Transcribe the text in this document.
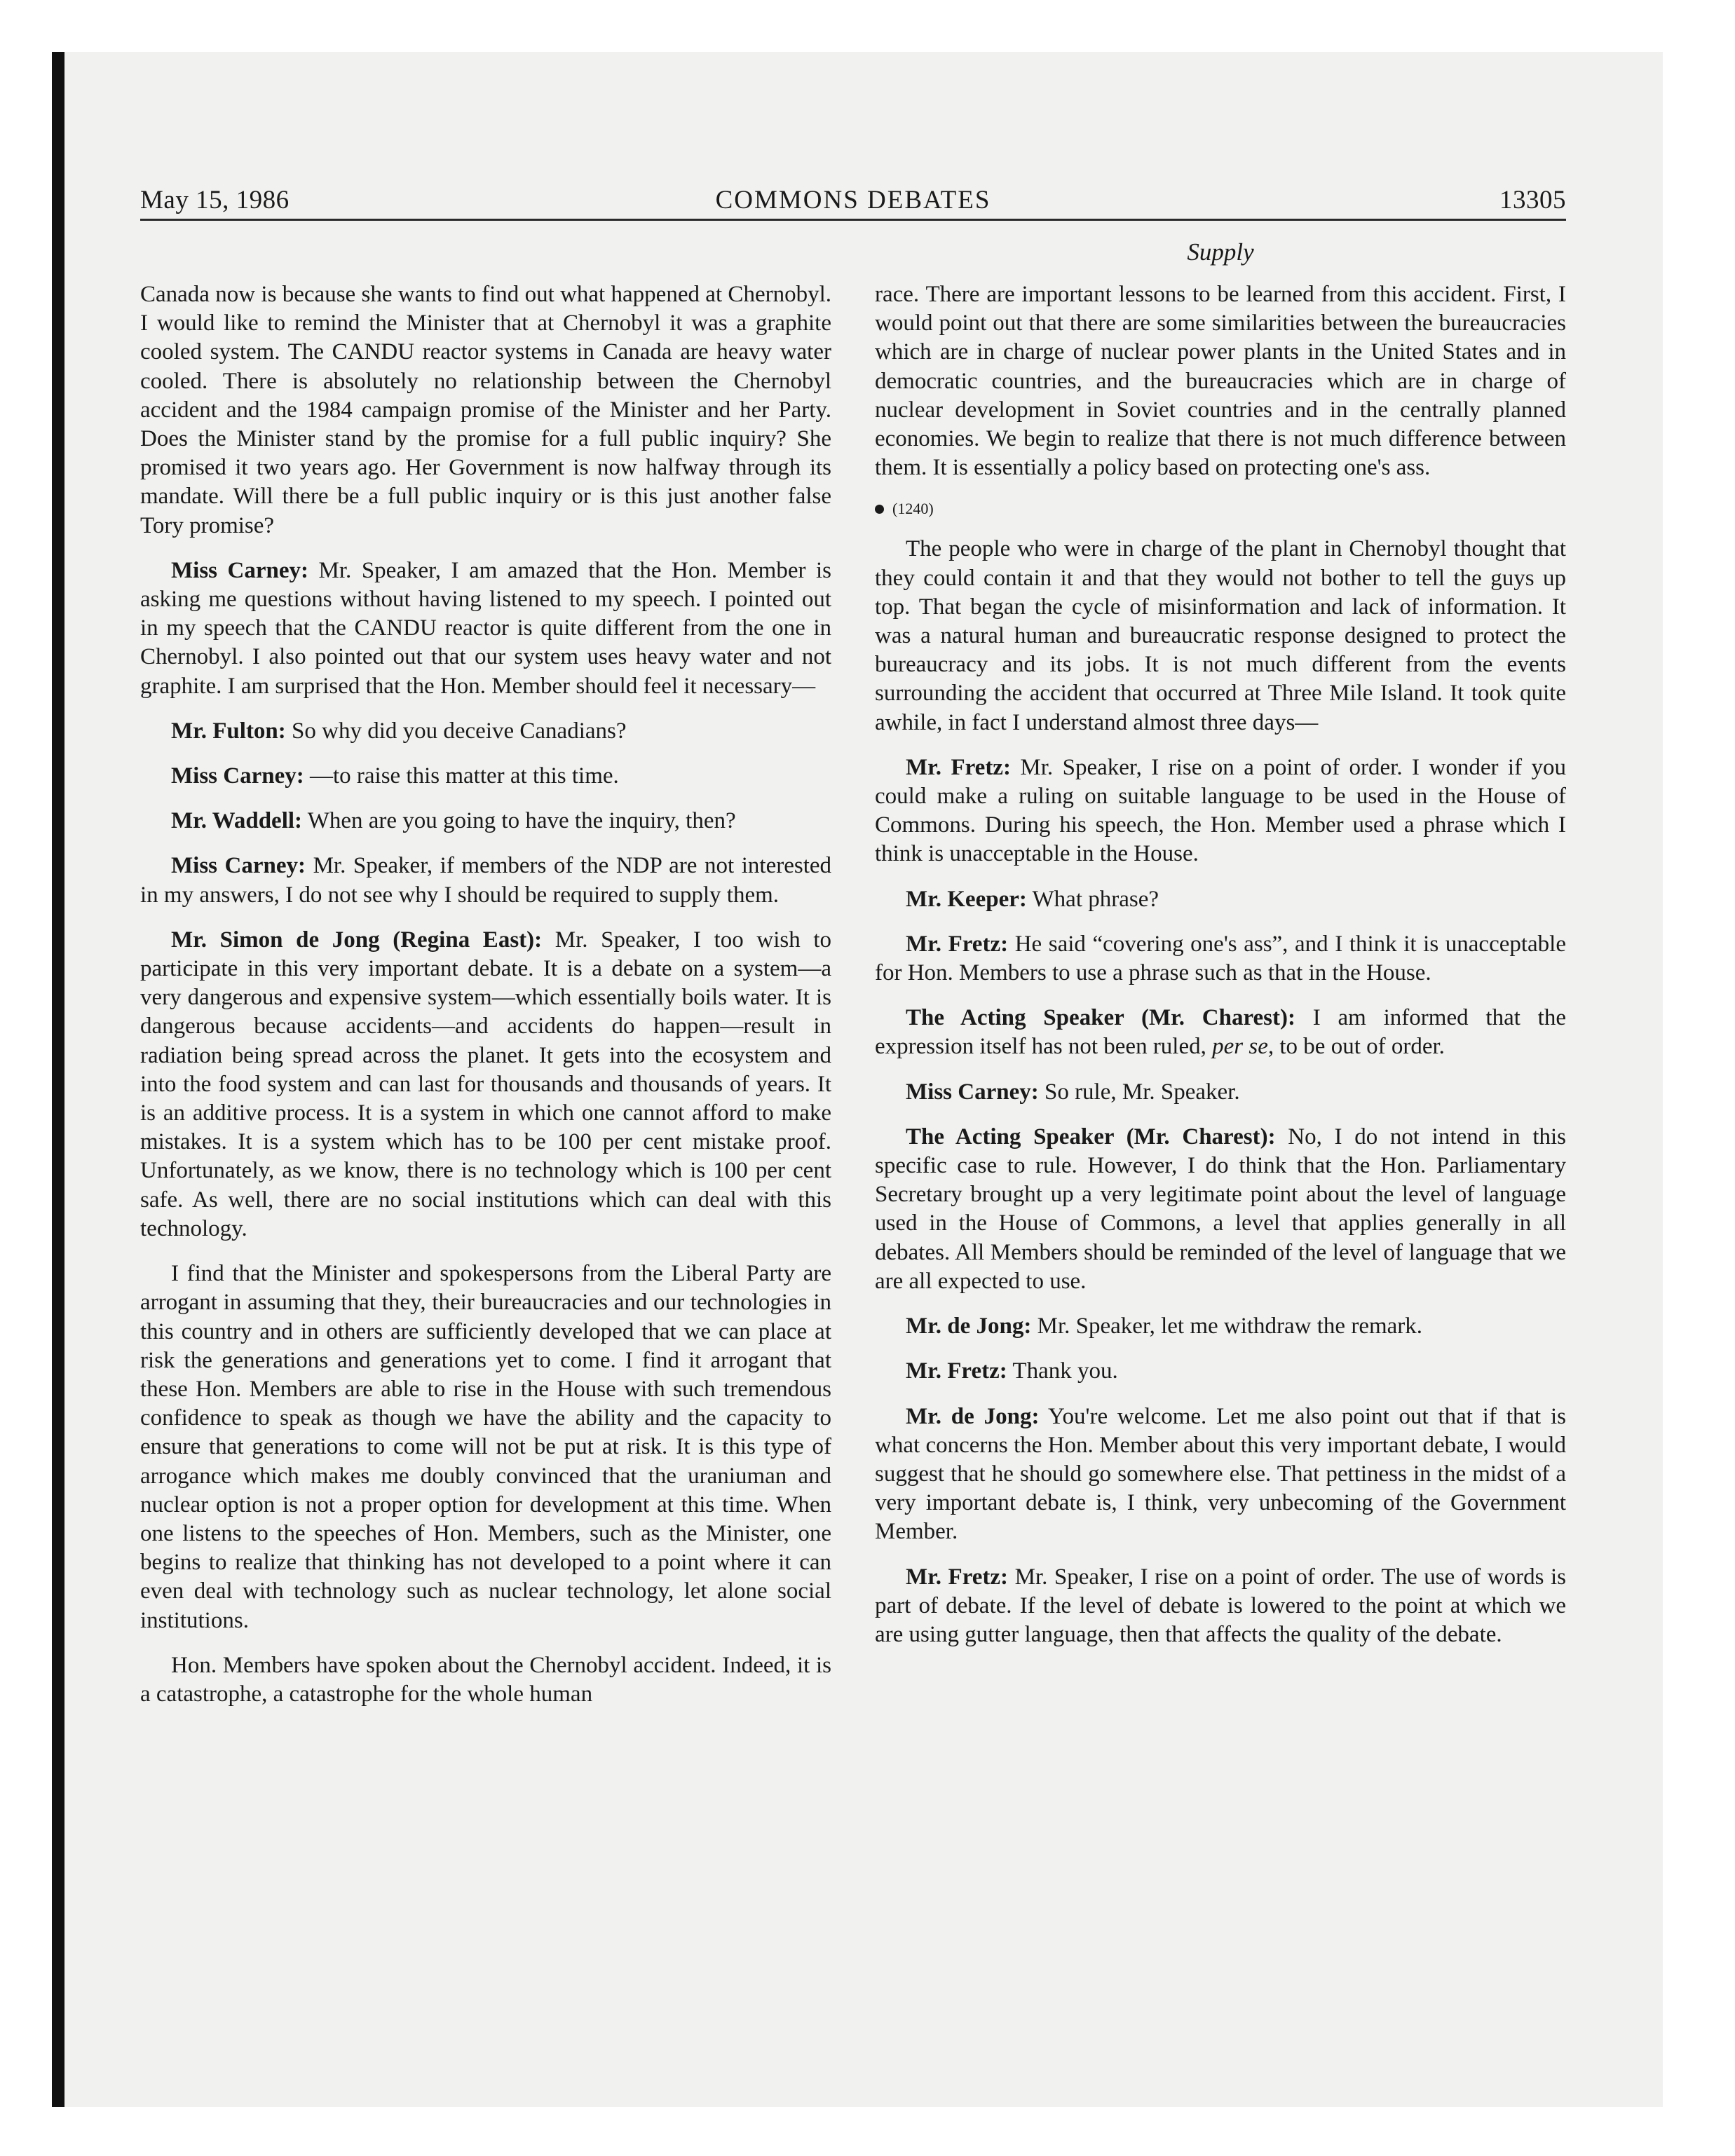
May 15, 1986	COMMONS DEBATES	13305
Supply

Canada now is because she wants to find out what happened at Chernobyl. I would like to remind the Minister that at Chernobyl it was a graphite cooled system. The CANDU reactor systems in Canada are heavy water cooled. There is absolutely no relationship between the Chernobyl accident and the 1984 campaign promise of the Minister and her Party. Does the Minister stand by the promise for a full public inquiry? She promised it two years ago. Her Government is now halfway through its mandate. Will there be a full public inquiry or is this just another false Tory promise?

Miss Carney: Mr. Speaker, I am amazed that the Hon. Member is asking me questions without having listened to my speech. I pointed out in my speech that the CANDU reactor is quite different from the one in Chernobyl. I also pointed out that our system uses heavy water and not graphite. I am surprised that the Hon. Member should feel it necessary—

Mr. Fulton: So why did you deceive Canadians?

Miss Carney: —to raise this matter at this time.

Mr. Waddell: When are you going to have the inquiry, then?

Miss Carney: Mr. Speaker, if members of the NDP are not interested in my answers, I do not see why I should be required to supply them.

Mr. Simon de Jong (Regina East): Mr. Speaker, I too wish to participate in this very important debate. It is a debate on a system—a very dangerous and expensive system—which essentially boils water. It is dangerous because accidents—and accidents do happen—result in radiation being spread across the planet. It gets into the ecosystem and into the food system and can last for thousands and thousands of years. It is an additive process. It is a system in which one cannot afford to make mistakes. It is a system which has to be 100 per cent mistake proof. Unfortunately, as we know, there is no technology which is 100 per cent safe. As well, there are no social institutions which can deal with this technology.

I find that the Minister and spokespersons from the Liberal Party are arrogant in assuming that they, their bureaucracies and our technologies in this country and in others are sufficiently developed that we can place at risk the generations and generations yet to come. I find it arrogant that these Hon. Members are able to rise in the House with such tremendous confidence to speak as though we have the ability and the capacity to ensure that generations to come will not be put at risk. It is this type of arrogance which makes me doubly convinced that the uraniuman and nuclear option is not a proper option for development at this time. When one listens to the speeches of Hon. Members, such as the Minister, one begins to realize that thinking has not developed to a point where it can even deal with technology such as nuclear technology, let alone social institutions.

Hon. Members have spoken about the Chernobyl accident. Indeed, it is a catastrophe, a catastrophe for the whole human

race. There are important lessons to be learned from this accident. First, I would point out that there are some similarities between the bureaucracies which are in charge of nuclear power plants in the United States and in democratic countries, and the bureaucracies which are in charge of nuclear development in Soviet countries and in the centrally planned economies. We begin to realize that there is not much difference between them. It is essentially a policy based on protecting one's ass.

(1240)

The people who were in charge of the plant in Chernobyl thought that they could contain it and that they would not bother to tell the guys up top. That began the cycle of misinformation and lack of information. It was a natural human and bureaucratic response designed to protect the bureaucracy and its jobs. It is not much different from the events surrounding the accident that occurred at Three Mile Island. It took quite awhile, in fact I understand almost three days—

Mr. Fretz: Mr. Speaker, I rise on a point of order. I wonder if you could make a ruling on suitable language to be used in the House of Commons. During his speech, the Hon. Member used a phrase which I think is unacceptable in the House.

Mr. Keeper: What phrase?

Mr. Fretz: He said “covering one's ass”, and I think it is unacceptable for Hon. Members to use a phrase such as that in the House.

The Acting Speaker (Mr. Charest): I am informed that the expression itself has not been ruled, per se, to be out of order.

Miss Carney: So rule, Mr. Speaker.

The Acting Speaker (Mr. Charest): No, I do not intend in this specific case to rule. However, I do think that the Hon. Parliamentary Secretary brought up a very legitimate point about the level of language used in the House of Commons, a level that applies generally in all debates. All Members should be reminded of the level of language that we are all expected to use.

Mr. de Jong: Mr. Speaker, let me withdraw the remark.

Mr. Fretz: Thank you.

Mr. de Jong: You're welcome. Let me also point out that if that is what concerns the Hon. Member about this very important debate, I would suggest that he should go somewhere else. That pettiness in the midst of a very important debate is, I think, very unbecoming of the Government Member.

Mr. Fretz: Mr. Speaker, I rise on a point of order. The use of words is part of debate. If the level of debate is lowered to the point at which we are using gutter language, then that affects the quality of the debate.
